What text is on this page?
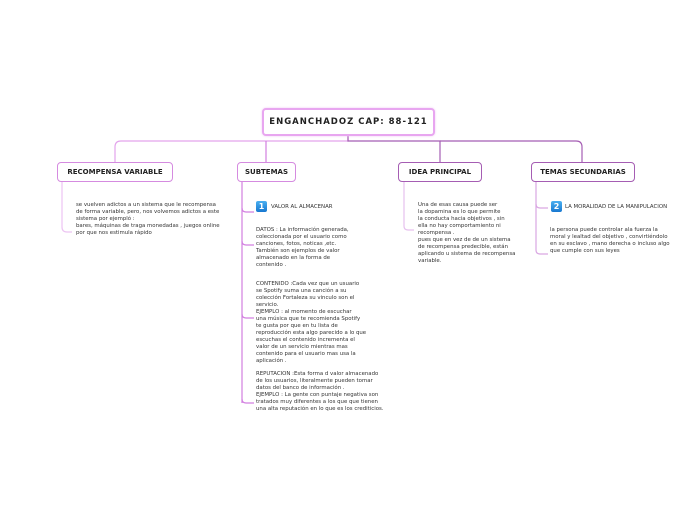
ENGANCHADOZ CAP: 88-121
RECOMPENSA VARIABLE	SUBTEMAS	IDEA PRINCIPAL	TEMAS SECUNDARIAS
se vuelven adictos a un sistema que le recompensa
de forma variable, pero, nos volvemos adictos a este
sistema por ejempló :
bares, máquinas de traga monedadas , juegos online
por que nos estimula rápido
1	VALOR AL ALMACENAR
DATOS : La información generada,
coleccionada por el usuario como
canciones, fotos, noticas ,etc.
También son ejemplos de valor
almacenado en la forma de
contenido .
CONTENIDO :Cada vez que un usuario
se Spotify suma una canción a su
colección Fortaleza su vinculo son el
servicio.
EJEMPLO : al momento de escuchar
una música que te recomienda Spotify
te gusta por que en tu lista de
reproducción esta algo parecido a lo que
escuchas el contenido incrementa el
valor de un servicio mientras mas
contenido para el usuario mas usa la
aplicación .
REPUTACION :Esta forma d valor almacenado
de los usuarios, literalmente pueden tomar
datos del banco de información .
EJEMPLO : La gente con puntaje negativa son
tratados muy diferentes a los que que tienen
una alta reputación en lo que es los crediticios.
Una de esas causa puede ser
la dopamina es lo que permite
la conducta hacia objetivos , sin
ella no hay comportamiento ni
recompensa .
pues que en vez de de un sistema
de recompensa predecible, están
aplicando u sistema de recompensa
variable.
2	LA MORALIDAD DE LA MANIPULACION
la persona puede controlar ala fuerza la
moral y lealtad del objetivo , convirtiéndolo
en su esclavo , mano derecha o incluso algo
que cumple con sus leyes
